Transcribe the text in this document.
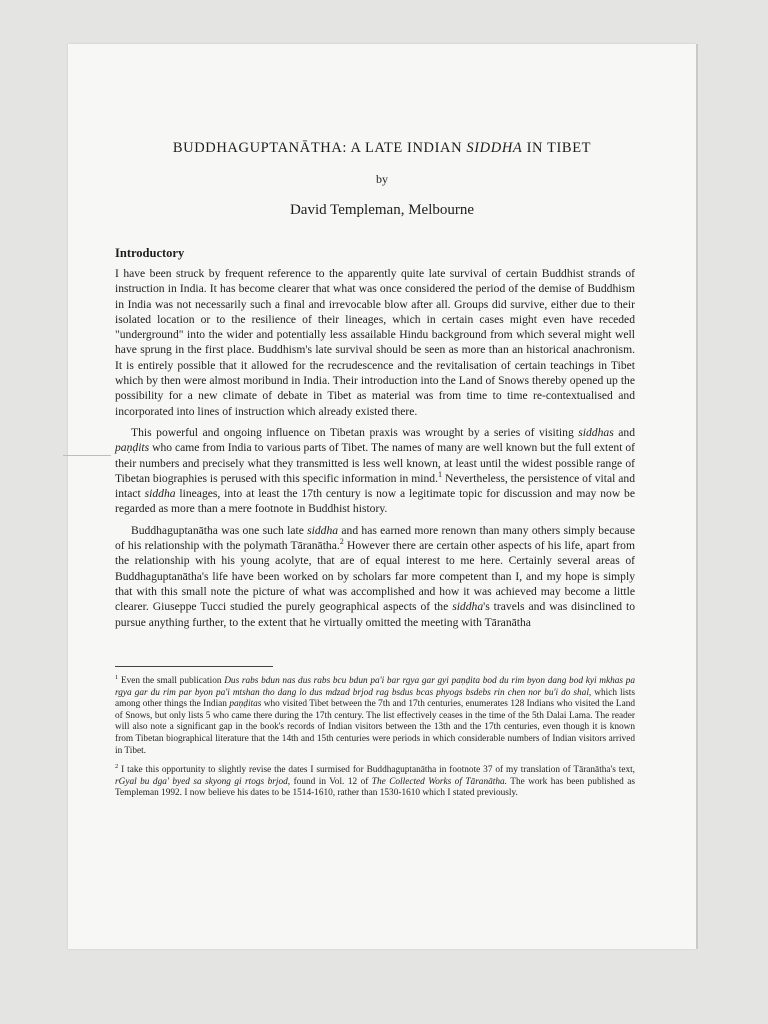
BUDDHAGUPTANĀTHA: A LATE INDIAN SIDDHA IN TIBET
by
David Templeman, Melbourne
Introductory

I have been struck by frequent reference to the apparently quite late survival of certain Buddhist strands of instruction in India. It has become clearer that what was once considered the period of the demise of Buddhism in India was not necessarily such a final and irrevocable blow after all. Groups did survive, either due to their isolated location or to the resilience of their lineages, which in certain cases might even have receded "underground" into the wider and potentially less assailable Hindu background from which several might well have sprung in the first place. Buddhism's late survival should be seen as more than an historical anachronism. It is entirely possible that it allowed for the recrudescence and the revitalisation of certain teachings in Tibet which by then were almost moribund in India. Their introduction into the Land of Snows thereby opened up the possibility for a new climate of debate in Tibet as material was from time to time re-contextualised and incorporated into lines of instruction which already existed there.

This powerful and ongoing influence on Tibetan praxis was wrought by a series of visiting siddhas and paṇḍits who came from India to various parts of Tibet. The names of many are well known but the full extent of their numbers and precisely what they transmitted is less well known, at least until the widest possible range of Tibetan biographies is perused with this specific information in mind.$^1$ Nevertheless, the persistence of vital and intact siddha lineages, into at least the 17th century is now a legitimate topic for discussion and may now be regarded as more than a mere footnote in Buddhist history.

Buddhaguptanātha was one such late siddha and has earned more renown than many others simply because of his relationship with the polymath Tāranātha.$^2$ However there are certain other aspects of his life, apart from the relationship with his young acolyte, that are of equal interest to me here. Certainly several areas of Buddhaguptanātha's life have been worked on by scholars far more competent than I, and my hope is simply that with this small note the picture of what was accomplished and how it was achieved may become a little clearer. Giuseppe Tucci studied the purely geographical aspects of the siddha's travels and was disinclined to pursue anything further, to the extent that he virtually omitted the meeting with Tāranātha

$^1$ Even the small publication Dus rabs bdun nas dus rabs bcu bdun pa'i bar rgya gar gyi paṇḍita bod du rim byon dang bod kyi mkhas pa rgya gar du rim par byon pa'i mtshan tho dang lo dus mdzad brjod rag bsdus bcas phyogs bsdebs rin chen nor bu'i do shal, which lists among other things the Indian paṇḍitas who visited Tibet between the 7th and 17th centuries, enumerates 128 Indians who visited the Land of Snows, but only lists 5 who came there during the 17th century. The list effectively ceases in the time of the 5th Dalai Lama. The reader will also note a significant gap in the book's records of Indian visitors between the 13th and the 17th centuries, even though it is known from Tibetan biographical literature that the 14th and 15th centuries were periods in which considerable numbers of Indian visitors arrived in Tibet.

$^2$ I take this opportunity to slightly revise the dates I surmised for Buddhaguptanātha in footnote 37 of my translation of Tāranātha's text, rGyal bu dga' byed sa skyong gi rtogs brjod, found in Vol. 12 of The Collected Works of Tāranātha. The work has been published as Templeman 1992. I now believe his dates to be 1514-1610, rather than 1530-1610 which I stated previously.
